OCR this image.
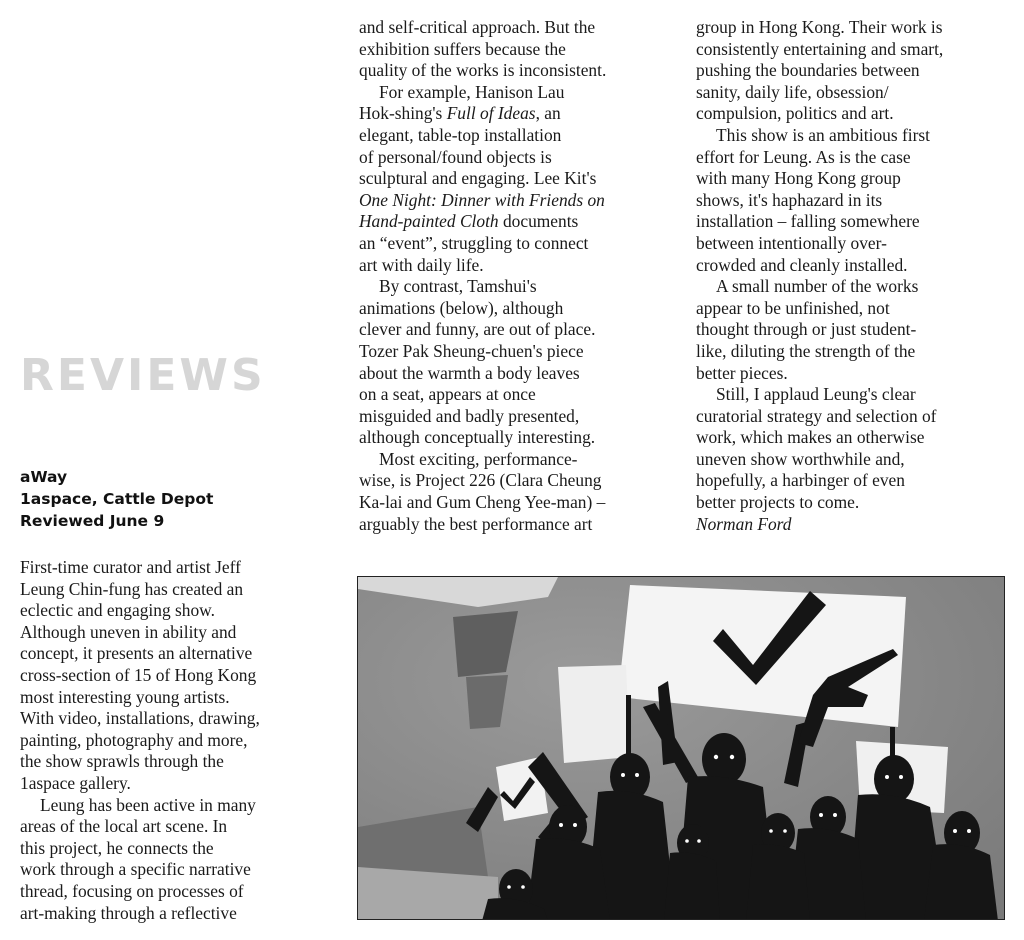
REVIEWS
aWay
1aspace, Cattle Depot
Reviewed June 9

First-time curator and artist Jeff
Leung Chin-fung has created an
eclectic and engaging show.
Although uneven in ability and
concept, it presents an alternative
cross-section of 15 of Hong Kong
most interesting young artists.
With video, installations, drawing,
painting, photography and more,
the show sprawls through the
1aspace gallery.

Leung has been active in many
areas of the local art scene. In
this project, he connects the
work through a specific narrative
thread, focusing on processes of
art-making through a reflective

and self-critical approach. But the
exhibition suffers because the
quality of the works is inconsistent.

For example, Hanison Lau
Hok-shing's Full of Ideas, an
elegant, table-top installation
of personal/found objects is
sculptural and engaging. Lee Kit's
One Night: Dinner with Friends on
Hand-painted Cloth documents
an “event”, struggling to connect
art with daily life.

By contrast, Tamshui's
animations (below), although
clever and funny, are out of place.
Tozer Pak Sheung-chuen's piece
about the warmth a body leaves
on a seat, appears at once
misguided and badly presented,
although conceptually interesting.

Most exciting, performance-
wise, is Project 226 (Clara Cheung
Ka-lai and Gum Cheng Yee-man) –
arguably the best performance art

group in Hong Kong. Their work is
consistently entertaining and smart,
pushing the boundaries between
sanity, daily life, obsession/
compulsion, politics and art.

This show is an ambitious first
effort for Leung. As is the case
with many Hong Kong group
shows, it's haphazard in its
installation – falling somewhere
between intentionally over-
crowded and cleanly installed.

A small number of the works
appear to be unfinished, not
thought through or just student-
like, diluting the strength of the
better pieces.

Still, I applaud Leung's clear
curatorial strategy and selection of
work, which makes an otherwise
uneven show worthwhile and,
hopefully, a harbinger of even
better projects to come.

Norman Ford
